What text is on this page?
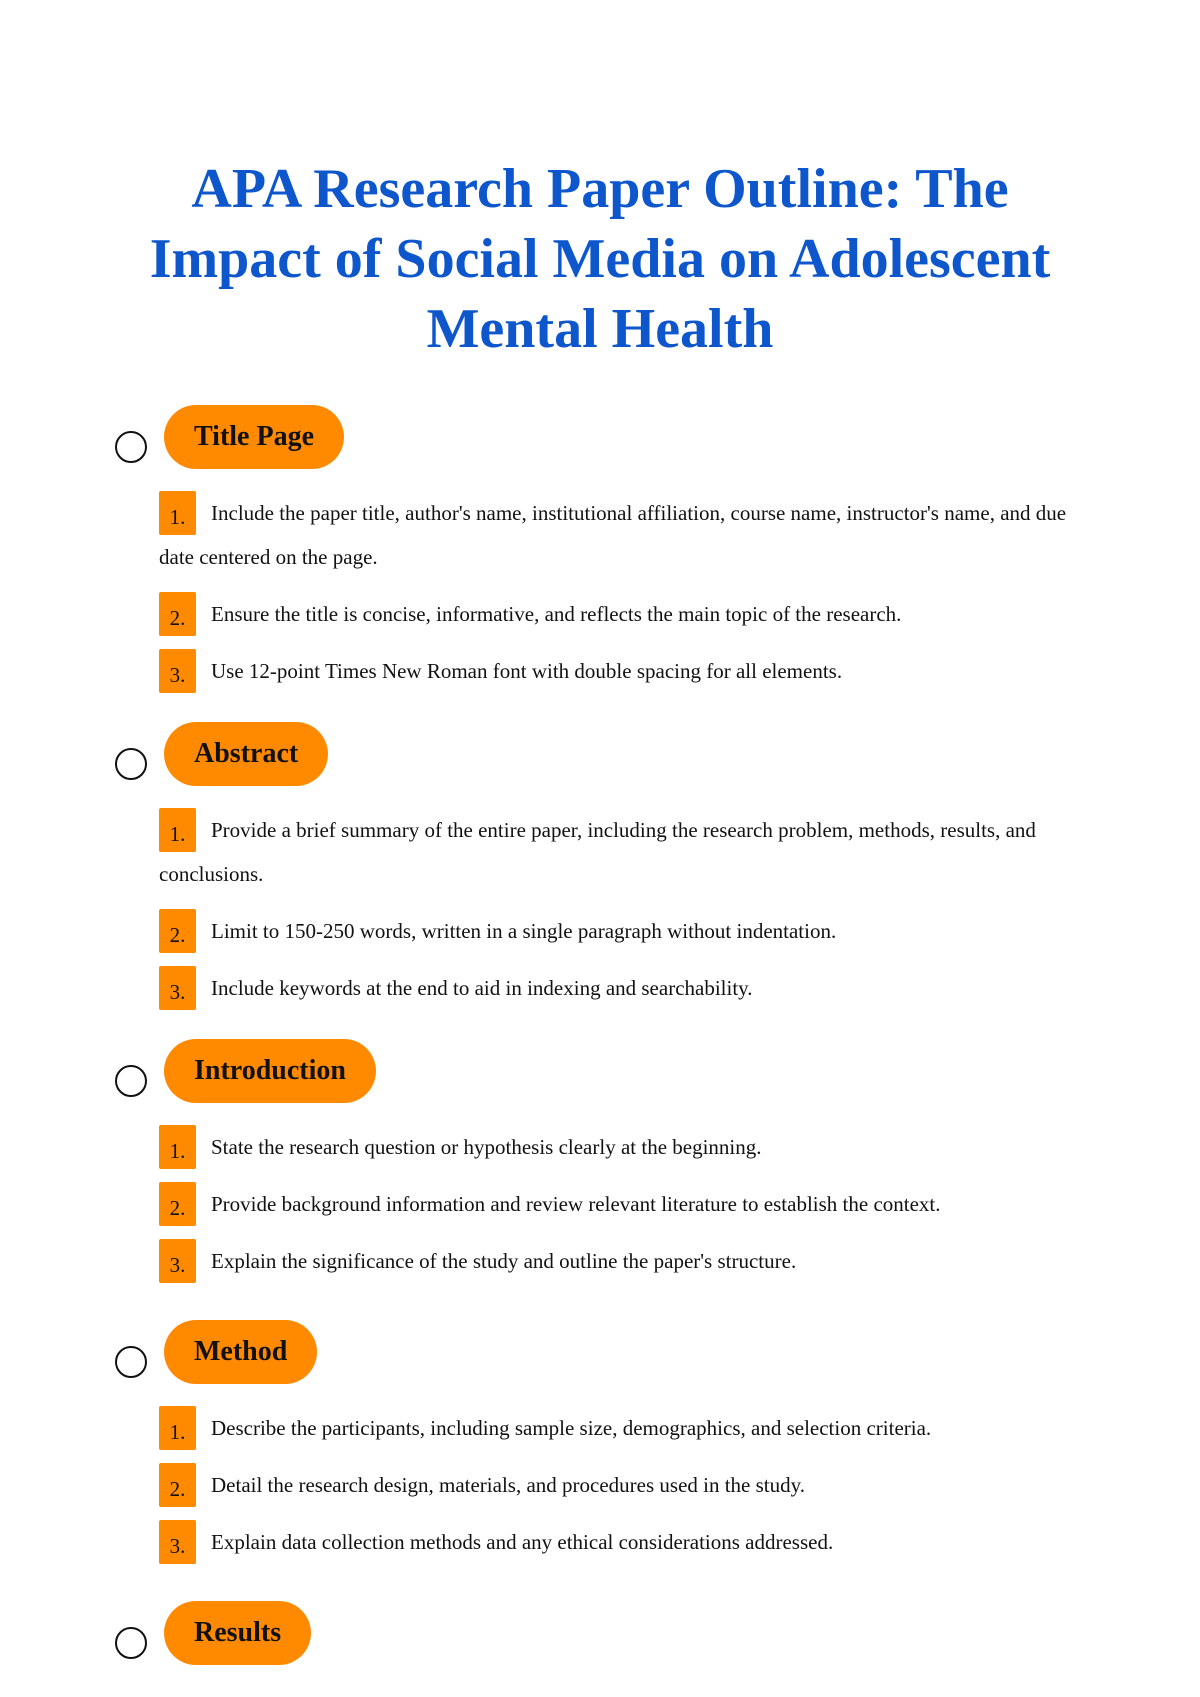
APA Research Paper Outline: The Impact of Social Media on Adolescent Mental Health
Title Page
1. Include the paper title, author's name, institutional affiliation, course name, instructor's name, and due date centered on the page.
2. Ensure the title is concise, informative, and reflects the main topic of the research.
3. Use 12-point Times New Roman font with double spacing for all elements.
Abstract
1. Provide a brief summary of the entire paper, including the research problem, methods, results, and conclusions.
2. Limit to 150-250 words, written in a single paragraph without indentation.
3. Include keywords at the end to aid in indexing and searchability.
Introduction
1. State the research question or hypothesis clearly at the beginning.
2. Provide background information and review relevant literature to establish the context.
3. Explain the significance of the study and outline the paper's structure.
Method
1. Describe the participants, including sample size, demographics, and selection criteria.
2. Detail the research design, materials, and procedures used in the study.
3. Explain data collection methods and any ethical considerations addressed.
Results
